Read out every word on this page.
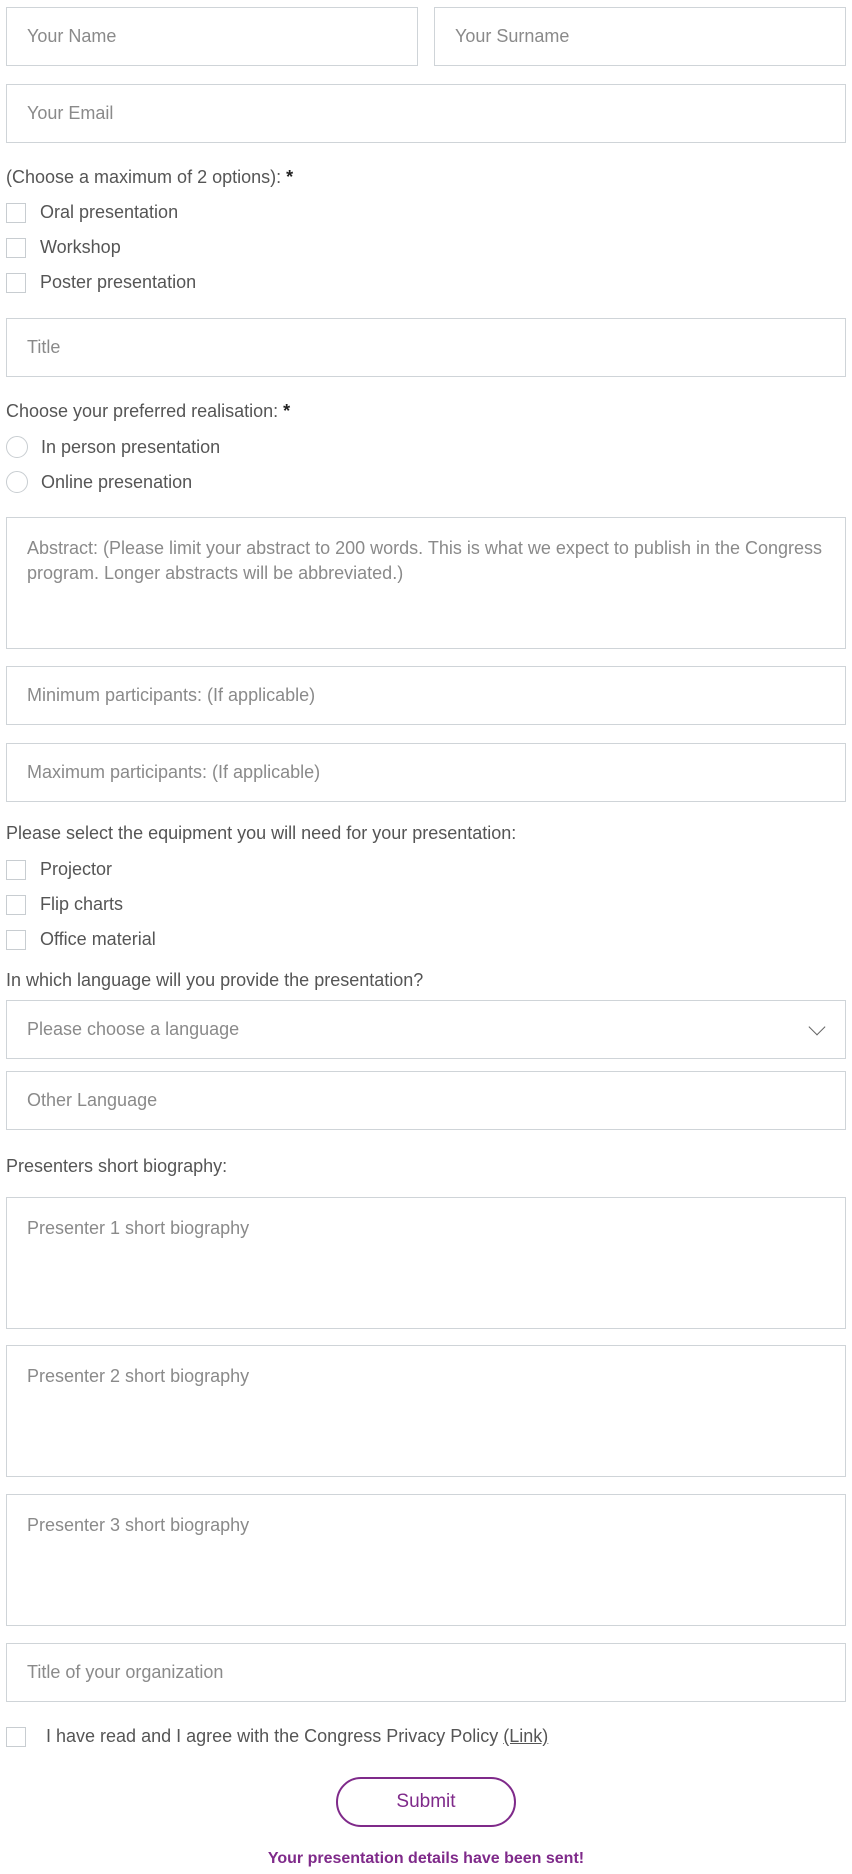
Your Name	Your Surname
Your Email
(Choose a maximum of 2 options): *
Oral presentation
Workshop
Poster presentation
Title
Choose your preferred realisation: *
In person presentation
Online presenation
Abstract: (Please limit your abstract to 200 words. This is what we expect to publish in the Congress program. Longer abstracts will be abbreviated.)
Minimum participants: (If applicable)
Maximum participants: (If applicable)
Please select the equipment you will need for your presentation:
Projector
Flip charts
Office material
In which language will you provide the presentation?
Please choose a language
Other Language
Presenters short biography:
Presenter 1 short biography
Presenter 2 short biography
Presenter 3 short biography
Title of your organization
I have read and I agree with the Congress Privacy Policy (Link)
Submit
Your presentation details have been sent!
